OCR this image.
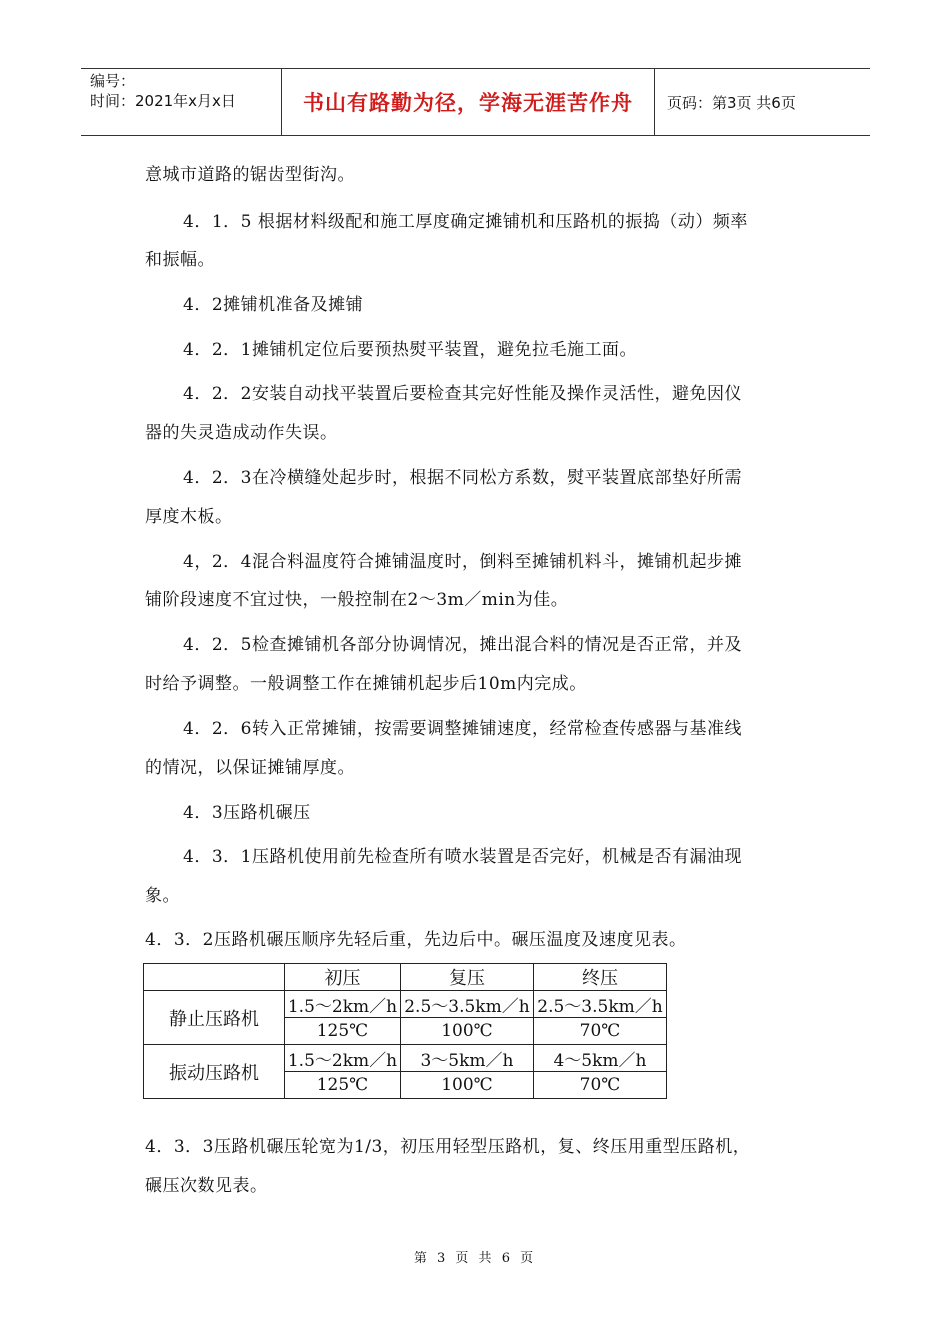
编号：
时间：2021年x月x日	书山有路勤为径，学海无涯苦作舟	页码：第3页 共6页
意城市道路的锯齿型街沟。
4．1．5 根据材料级配和施工厚度确定摊铺机和压路机的振捣（动）频率
和振幅。
4．2摊铺机准备及摊铺
4．2．1摊铺机定位后要预热熨平装置，避免拉毛施工面。
4．2．2安装自动找平装置后要检查其完好性能及操作灵活性，避免因仪
器的失灵造成动作失误。
4．2．3在冷横缝处起步时，根据不同松方系数，熨平装置底部垫好所需
厚度木板。
4，2．4混合料温度符合摊铺温度时，倒料至摊铺机料斗，摊铺机起步摊
铺阶段速度不宜过快，一般控制在2～3m／min为佳。
4．2．5检查摊铺机各部分协调情况，摊出混合料的情况是否正常，并及
时给予调整。一般调整工作在摊铺机起步后10m内完成。
4．2．6转入正常摊铺，按需要调整摊铺速度，经常检查传感器与基准线
的情况，以保证摊铺厚度。
4．3压路机碾压
4．3．1压路机使用前先检查所有喷水装置是否完好，机械是否有漏油现
象。
4．3．2压路机碾压顺序先轻后重，先边后中。碾压温度及速度见表。
4．3．3压路机碾压轮宽为1/3，初压用轻型压路机，复、终压用重型压路机，
碾压次数见表。
	初压	复压	终压
静止压路机	1.5～2km／h	2.5～3.5km／h	2.5～3.5km／h
	125℃	100℃	70℃
振动压路机	1.5～2km／h	3～5km／h	4～5km／h
	125℃	100℃	70℃
第 3 页 共 6 页
